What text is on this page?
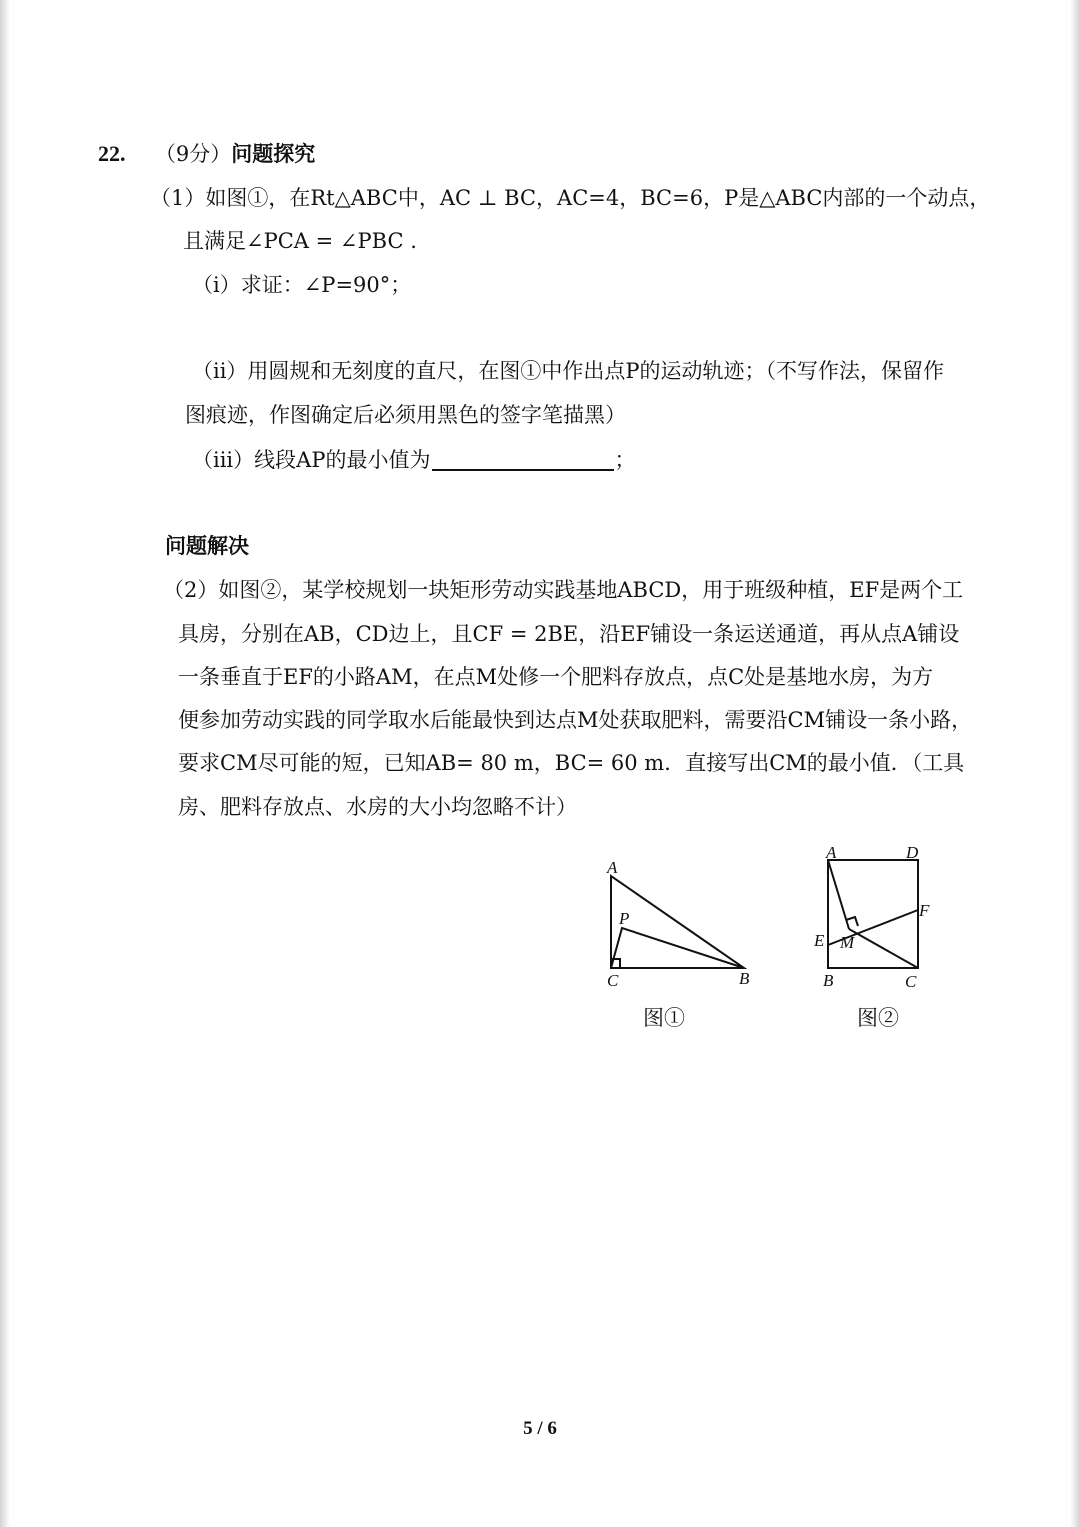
22. （9分）问题探究
（1）如图①，在Rt△ABC中，AC ⊥ BC，AC=4，BC=6，P是△ABC内部的一个动点，
且满足∠PCA = ∠PBC .
（i）求证：∠P=90°；
（ii）用圆规和无刻度的直尺，在图①中作出点P的运动轨迹；（不写作法，保留作
图痕迹，作图确定后必须用黑色的签字笔描黑）
（iii）线段AP的最小值为	；
问题解决
（2）如图②，某学校规划一块矩形劳动实践基地ABCD，用于班级种植，EF是两个工
具房，分别在AB，CD边上，且CF = 2BE，沿EF铺设一条运送通道，再从点A铺设
一条垂直于EF的小路AM，在点M处修一个肥料存放点，点C处是基地水房，为方
便参加劳动实践的同学取水后能最快到达点M处获取肥料，需要沿CM铺设一条小路，
要求CM尽可能的短，已知AB= 80 m，BC= 60 m．直接写出CM的最小值．（工具
房、肥料存放点、水房的大小均忽略不计）
A
P
C	B
图①
A	D
F
E M
B	C
图②
5 / 6
